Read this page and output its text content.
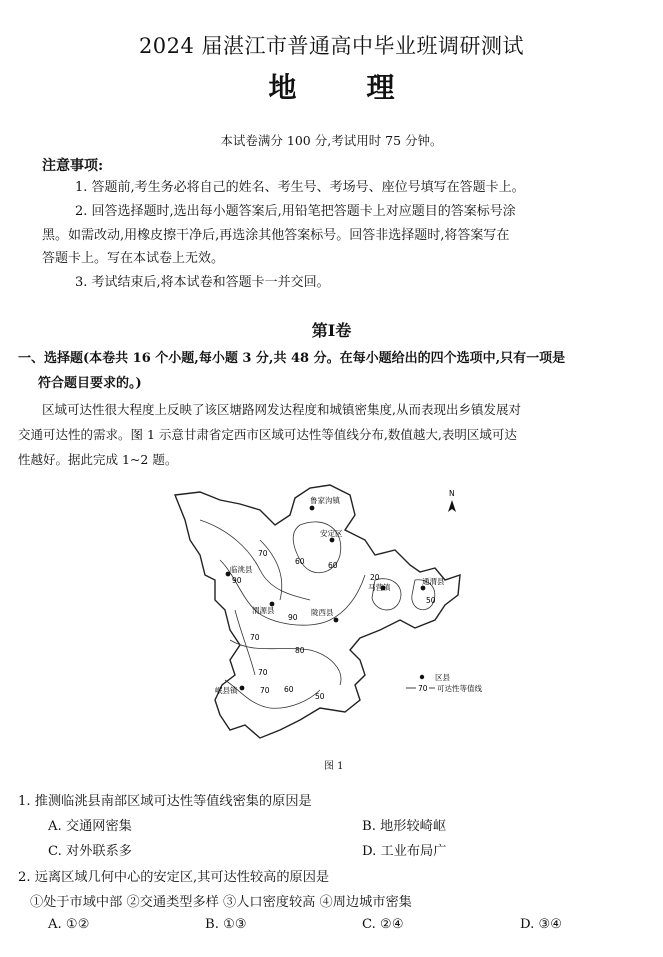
2024 届湛江市普通高中毕业班调研测试
地理
本试卷满分 100 分,考试用时 75 分钟。
注意事项:
1. 答题前,考生务必将自己的姓名、考生号、考场号、座位号填写在答题卡上。
2. 回答选择题时,选出每小题答案后,用铅笔把答题卡上对应题目的答案标号涂
黑。如需改动,用橡皮擦干净后,再选涂其他答案标号。回答非选择题时,将答案写在
答题卡上。写在本试卷上无效。
3. 考试结束后,将本试卷和答题卡一并交回。
第Ⅰ卷
一、选择题(本卷共 16 个小题,每小题 3 分,共 48 分。在每小题给出的四个选项中,只有一项是
符合题目要求的。)
区域可达性很大程度上反映了该区塘路网发达程度和城镇密集度,从而表现出乡镇发展对
交通可达性的需求。图 1 示意甘肃省定西市区域可达性等值线分布,数值越大,表明区域可达
性越好。据此完成 1~2 题。
鲁家沟镇
安定区
临洮县
渭源县	陇西县
马营镇
通渭县
岷县镇
70
60	60
90
90
20
50
80
70
70 60
50
70
N
区县
70 可达性等值线
图 1
1. 推测临洮县南部区域可达性等值线密集的原因是
A. 交通网密集	B. 地形较崎岖
C. 对外联系多	D. 工业布局广
2. 远离区域几何中心的安定区,其可达性较高的原因是
①处于市域中部 ②交通类型多样 ③人口密度较高 ④周边城市密集
A. ①②	B. ①③	C. ②④	D. ③④
